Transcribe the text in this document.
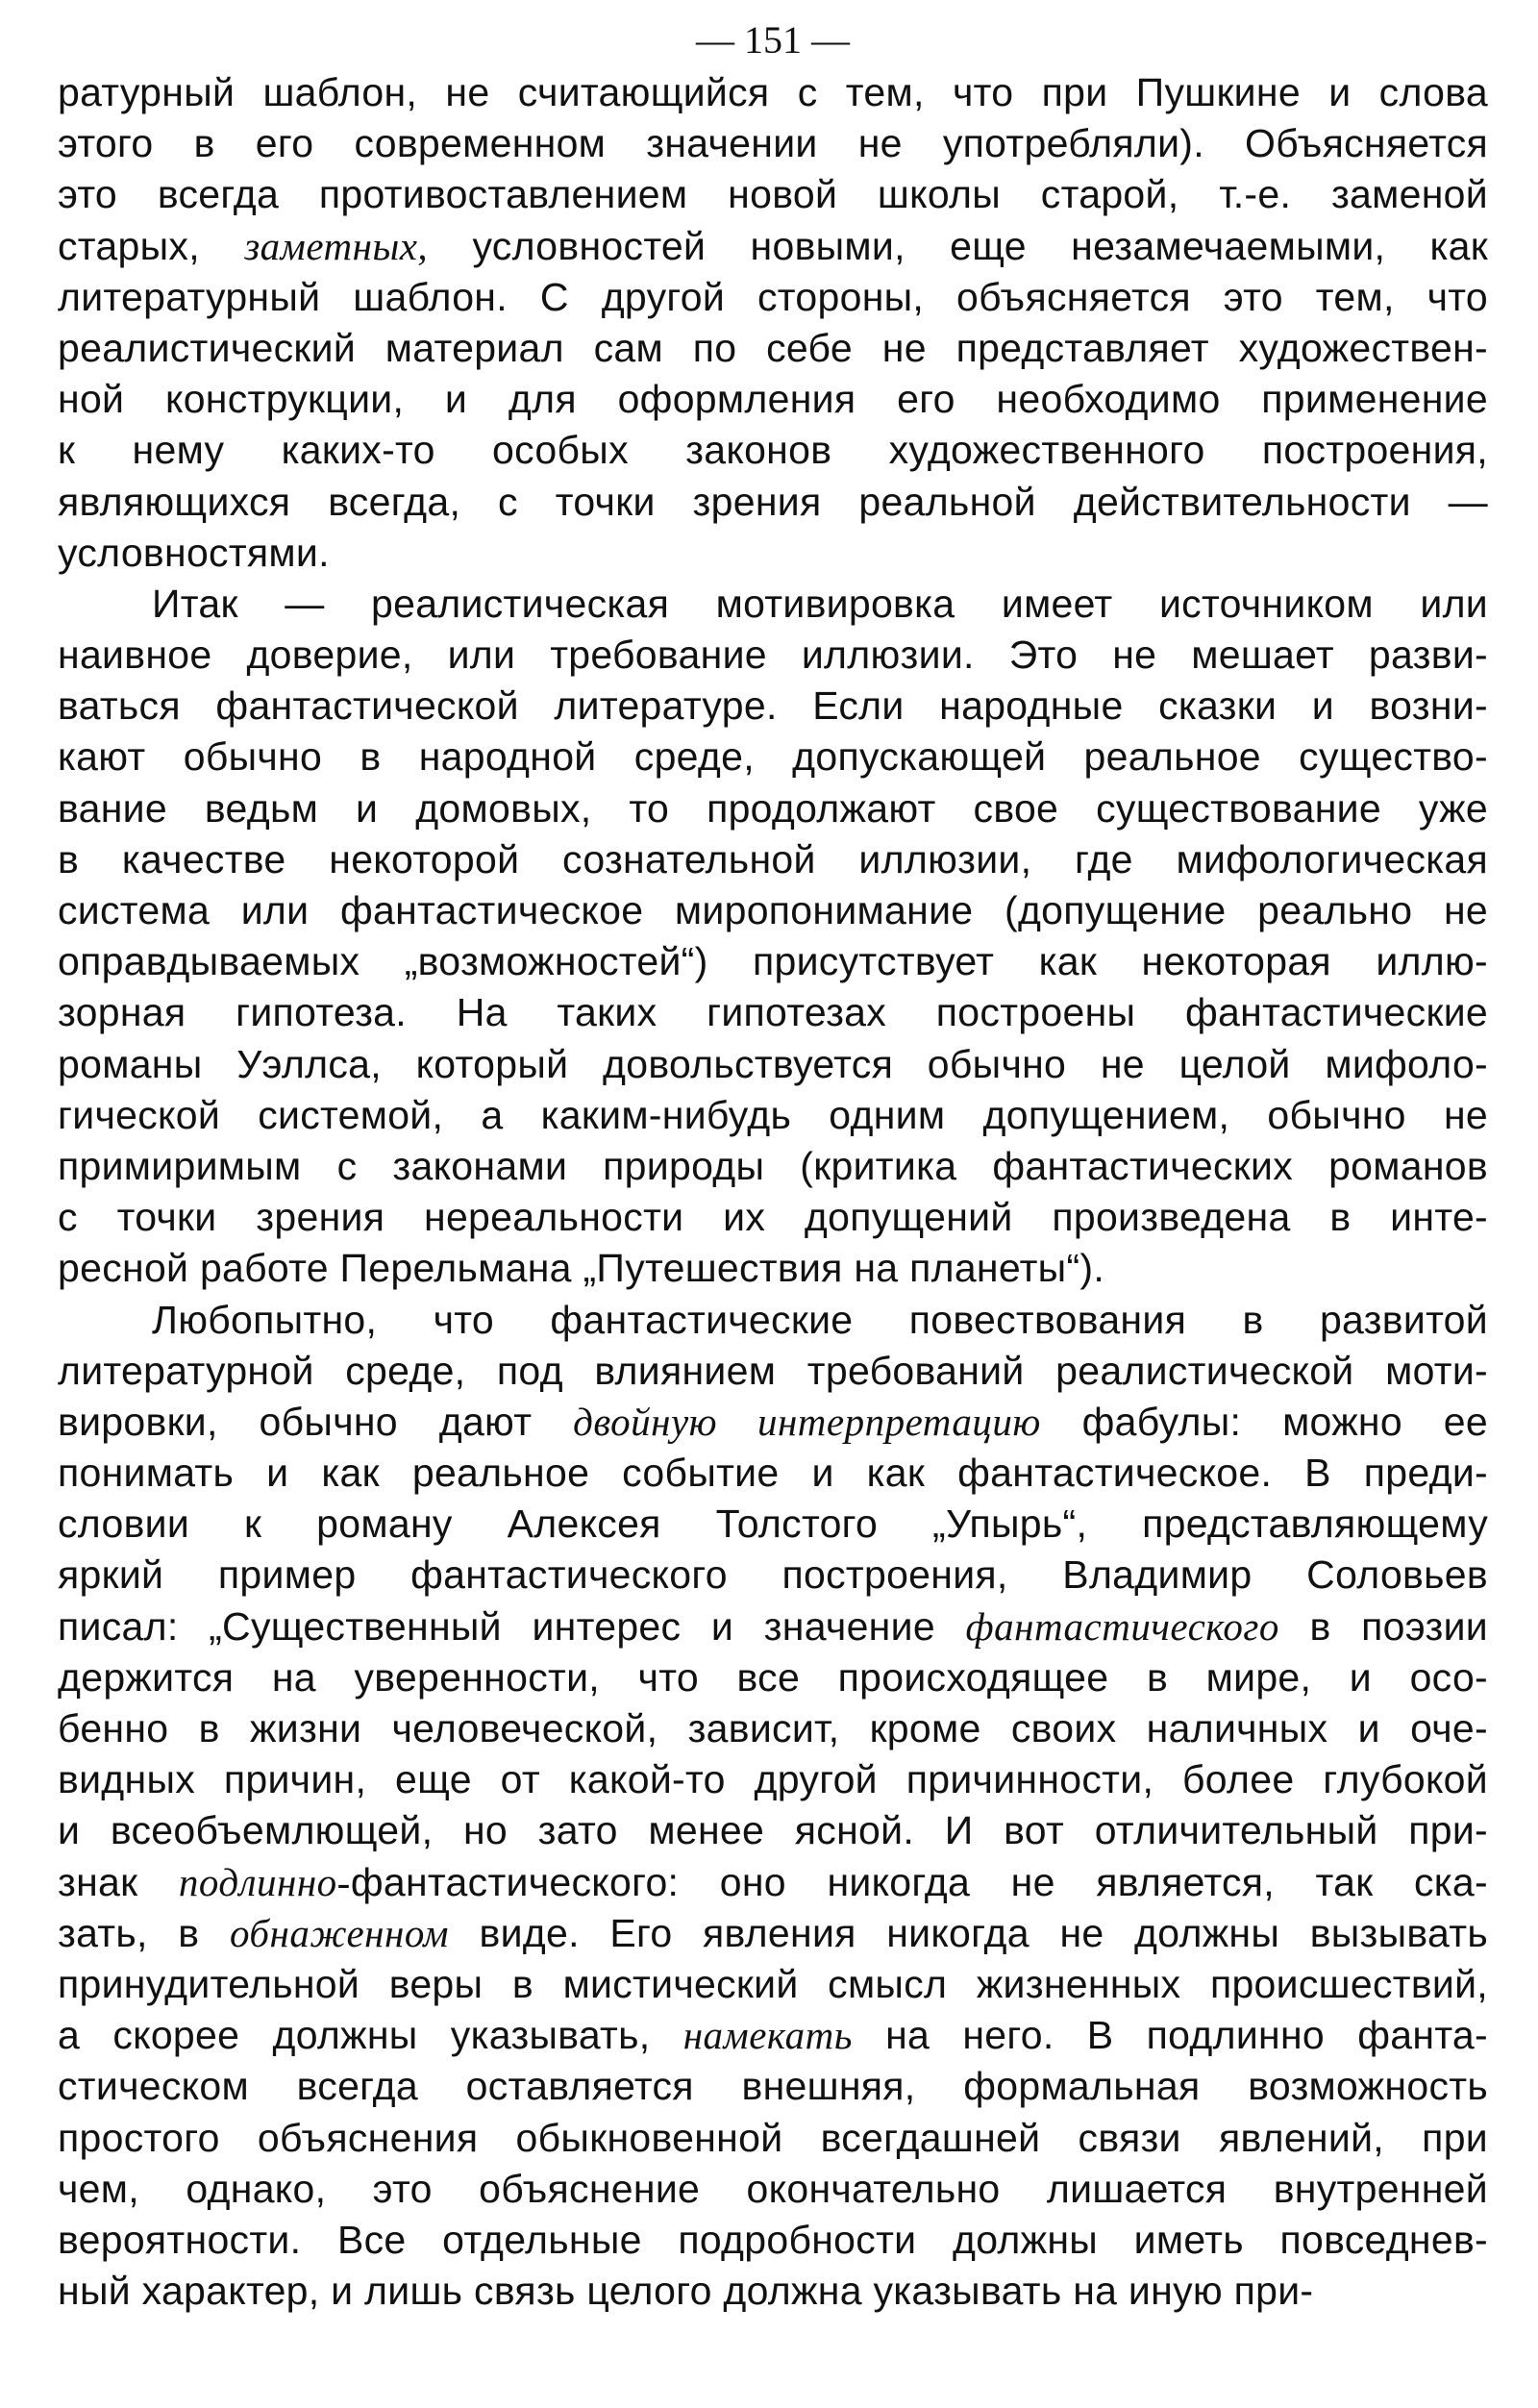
— 151 —
ратурный шаблон, не считающийся с тем, что при Пушкине и слова
этого в его современном значении не употребляли). Объясняется
это всегда противоставлением новой школы старой, т.-е. заменой
старых, заметных, условностей новыми, еще незамечаемыми, как
литературный шаблон. С другой стороны, объясняется это тем, что
реалистический материал сам по себе не представляет художествен-
ной конструкции, и для оформления его необходимо применение
к нему каких-то особых законов художественного построения,
являющихся всегда, с точки зрения реальной действительности —
условностями.
Итак — реалистическая мотивировка имеет источником или
наивное доверие, или требование иллюзии. Это не мешает разви-
ваться фантастической литературе. Если народные сказки и возни-
кают обычно в народной среде, допускающей реальное существо-
вание ведьм и домовых, то продолжают свое существование уже
в качестве некоторой сознательной иллюзии, где мифологическая
система или фантастическое миропонимание (допущение реально не
оправдываемых „возможностей“) присутствует как некоторая иллю-
зорная гипотеза. На таких гипотезах построены фантастические
романы Уэллса, который довольствуется обычно не целой мифоло-
гической системой, а каким-нибудь одним допущением, обычно не
примиримым с законами природы (критика фантастических романов
с точки зрения нереальности их допущений произведена в инте-
ресной работе Перельмана „Путешествия на планеты“).
Любопытно, что фантастические повествования в развитой
литературной среде, под влиянием требований реалистической моти-
вировки, обычно дают двойную интерпретацию фабулы: можно ее
понимать и как реальное событие и как фантастическое. В преди-
словии к роману Алексея Толстого „Упырь“, представляющему
яркий пример фантастического построения, Владимир Соловьев
писал: „Существенный интерес и значение фантастического в поэзии
держится на уверенности, что все происходящее в мире, и осо-
бенно в жизни человеческой, зависит, кроме своих наличных и оче-
видных причин, еще от какой-то другой причинности, более глубокой
и всеобъемлющей, но зато менее ясной. И вот отличительный при-
знак подлинно-фантастического: оно никогда не является, так ска-
зать, в обнаженном виде. Его явления никогда не должны вызывать
принудительной веры в мистический смысл жизненных происшествий,
а скорее должны указывать, намекать на него. В подлинно фанта-
стическом всегда оставляется внешняя, формальная возможность
простого объяснения обыкновенной всегдашней связи явлений, при
чем, однако, это объяснение окончательно лишается внутренней
вероятности. Все отдельные подробности должны иметь повседнев-
ный характер, и лишь связь целого должна указывать на иную при-
